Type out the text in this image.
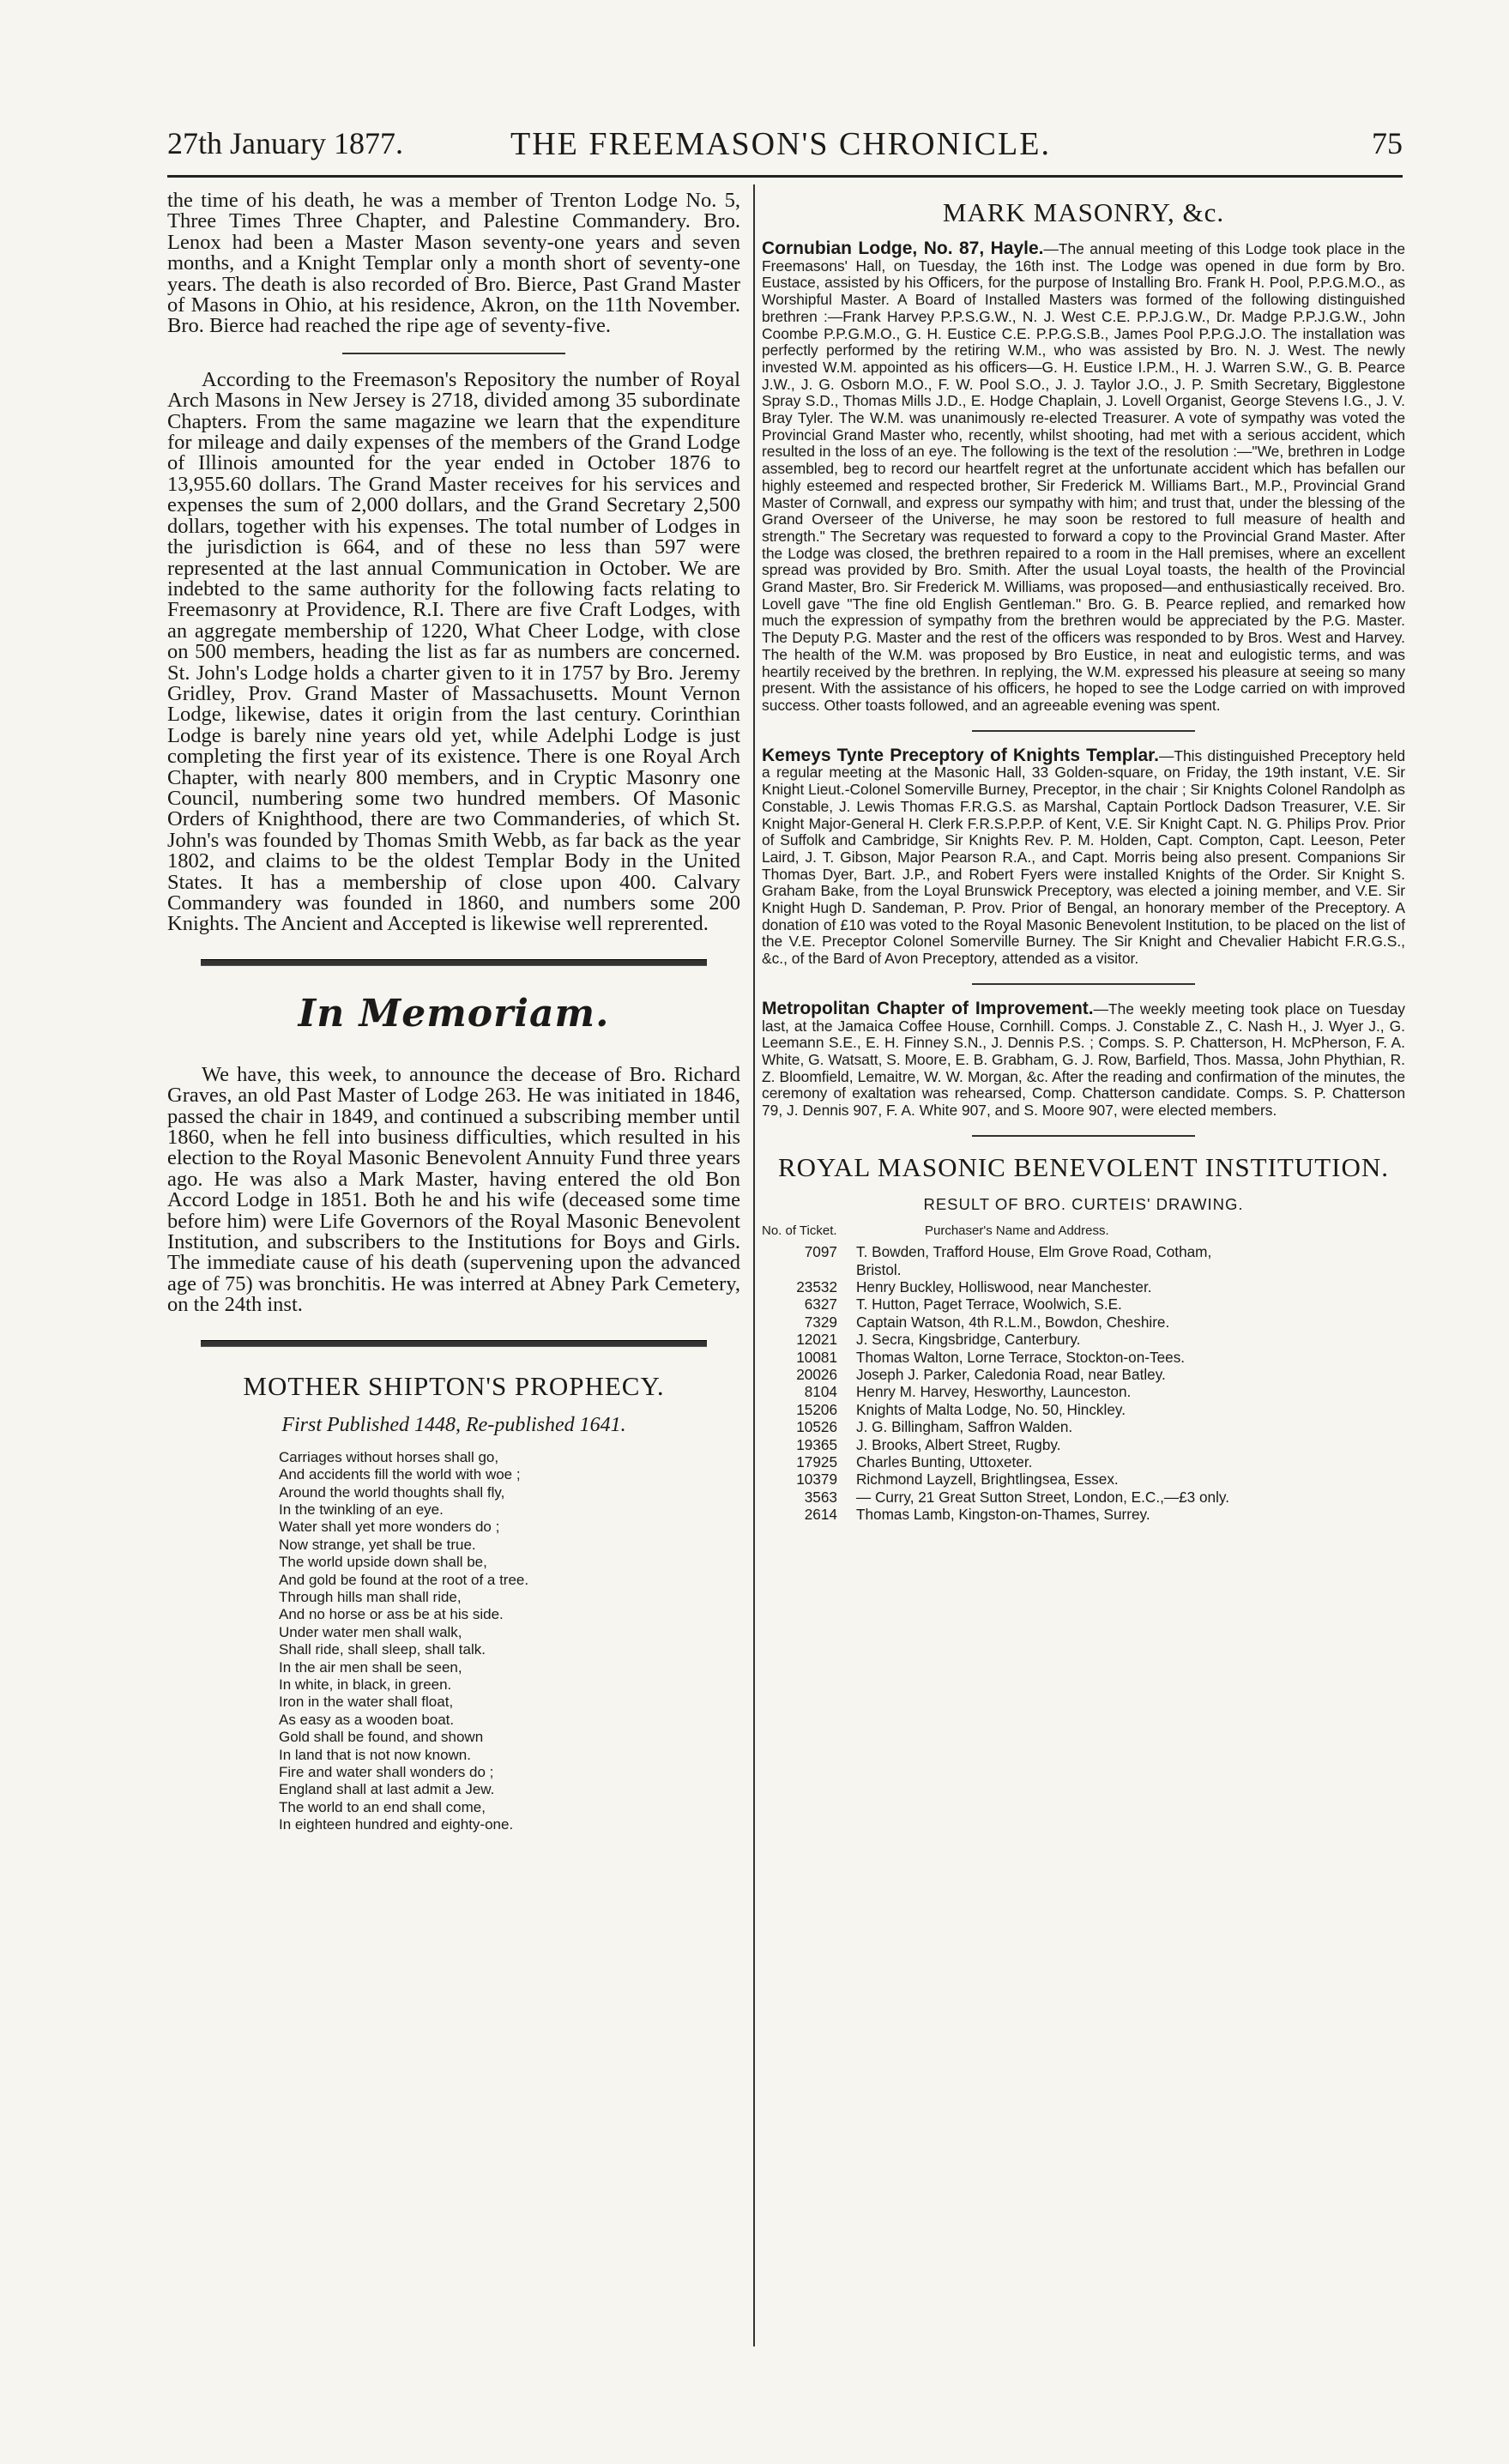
27th January 1877.	THE FREEMASON'S CHRONICLE.	75

the time of his death, he was a member of Trenton Lodge No. 5, Three Times Three Chapter, and Palestine Commandery. Bro. Lenox had been a Master Mason seventy-one years and seven months, and a Knight Templar only a month short of seventy-one years. The death is also recorded of Bro. Bierce, Past Grand Master of Masons in Ohio, at his residence, Akron, on the 11th November. Bro. Bierce had reached the ripe age of seventy-five.

According to the Freemason's Repository the number of Royal Arch Masons in New Jersey is 2718, divided among 35 subordinate Chapters. From the same magazine we learn that the expenditure for mileage and daily expenses of the members of the Grand Lodge of Illinois amounted for the year ended in October 1876 to 13,955.60 dollars. The Grand Master receives for his services and expenses the sum of 2,000 dollars, and the Grand Secretary 2,500 dollars, together with his expenses. The total number of Lodges in the jurisdiction is 664, and of these no less than 597 were represented at the last annual Communication in October. We are indebted to the same authority for the following facts relating to Freemasonry at Providence, R.I. There are five Craft Lodges, with an aggregate membership of 1220, What Cheer Lodge, with close on 500 members, heading the list as far as numbers are concerned. St. John's Lodge holds a charter given to it in 1757 by Bro. Jeremy Gridley, Prov. Grand Master of Massachusetts. Mount Vernon Lodge, likewise, dates it origin from the last century. Corinthian Lodge is barely nine years old yet, while Adelphi Lodge is just completing the first year of its existence. There is one Royal Arch Chapter, with nearly 800 members, and in Cryptic Masonry one Council, numbering some two hundred members. Of Masonic Orders of Knighthood, there are two Commanderies, of which St. John's was founded by Thomas Smith Webb, as far back as the year 1802, and claims to be the oldest Templar Body in the United States. It has a membership of close upon 400. Calvary Commandery was founded in 1860, and numbers some 200 Knights. The Ancient and Accepted is likewise well reprerented.

In Memoriam.

We have, this week, to announce the decease of Bro. Richard Graves, an old Past Master of Lodge 263. He was initiated in 1846, passed the chair in 1849, and continued a subscribing member until 1860, when he fell into business difficulties, which resulted in his election to the Royal Masonic Benevolent Annuity Fund three years ago. He was also a Mark Master, having entered the old Bon Accord Lodge in 1851. Both he and his wife (deceased some time before him) were Life Governors of the Royal Masonic Benevolent Institution, and subscribers to the Institutions for Boys and Girls. The immediate cause of his death (supervening upon the advanced age of 75) was bronchitis. He was interred at Abney Park Cemetery, on the 24th inst.

MOTHER SHIPTON'S PROPHECY.
First Published 1448, Re-published 1641.
Carriages without horses shall go,
And accidents fill the world with woe ;
Around the world thoughts shall fly,
In the twinkling of an eye.
Water shall yet more wonders do ;
Now strange, yet shall be true.
The world upside down shall be,
And gold be found at the root of a tree.
Through hills man shall ride,
And no horse or ass be at his side.
Under water men shall walk,
Shall ride, shall sleep, shall talk.
In the air men shall be seen,
In white, in black, in green.
Iron in the water shall float,
As easy as a wooden boat.
Gold shall be found, and shown
In land that is not now known.
Fire and water shall wonders do ;
England shall at last admit a Jew.
The world to an end shall come,
In eighteen hundred and eighty-one.
MARK MASONRY, &c.

Cornubian Lodge, No. 87, Hayle.—The annual meeting of this Lodge took place in the Freemasons' Hall, on Tuesday, the 16th inst. The Lodge was opened in due form by Bro. Eustace, assisted by his Officers, for the purpose of Installing Bro. Frank H. Pool, P.P.G.M.O., as Worshipful Master. A Board of Installed Masters was formed of the following distinguished brethren :—Frank Harvey P.P.S.G.W., N. J. West C.E. P.P.J.G.W., Dr. Madge P.P.J.G.W., John Coombe P.P.G.M.O., G. H. Eustice C.E. P.P.G.S.B., James Pool P.P.G.J.O. The installation was perfectly performed by the retiring W.M., who was assisted by Bro. N. J. West. The newly invested W.M. appointed as his officers—G. H. Eustice I.P.M., H. J. Warren S.W., G. B. Pearce J.W., J. G. Osborn M.O., F. W. Pool S.O., J. J. Taylor J.O., J. P. Smith Secretary, Bigglestone Spray S.D., Thomas Mills J.D., E. Hodge Chaplain, J. Lovell Organist, George Stevens I.G., J. V. Bray Tyler. The W.M. was unanimously re-elected Treasurer. A vote of sympathy was voted the Provincial Grand Master who, recently, whilst shooting, had met with a serious accident, which resulted in the loss of an eye. The following is the text of the resolution :—"We, brethren in Lodge assembled, beg to record our heartfelt regret at the unfortunate accident which has befallen our highly esteemed and respected brother, Sir Frederick M. Williams Bart., M.P., Provincial Grand Master of Cornwall, and express our sympathy with him; and trust that, under the blessing of the Grand Overseer of the Universe, he may soon be restored to full measure of health and strength." The Secretary was requested to forward a copy to the Provincial Grand Master. After the Lodge was closed, the brethren repaired to a room in the Hall premises, where an excellent spread was provided by Bro. Smith. After the usual Loyal toasts, the health of the Provincial Grand Master, Bro. Sir Frederick M. Williams, was proposed—and enthusiastically received. Bro. Lovell gave "The fine old English Gentleman." Bro. G. B. Pearce replied, and remarked how much the expression of sympathy from the brethren would be appreciated by the P.G. Master. The Deputy P.G. Master and the rest of the officers was responded to by Bros. West and Harvey. The health of the W.M. was proposed by Bro Eustice, in neat and eulogistic terms, and was heartily received by the brethren. In replying, the W.M. expressed his pleasure at seeing so many present. With the assistance of his officers, he hoped to see the Lodge carried on with improved success. Other toasts followed, and an agreeable evening was spent.

Kemeys Tynte Preceptory of Knights Templar.—This distinguished Preceptory held a regular meeting at the Masonic Hall, 33 Golden-square, on Friday, the 19th instant, V.E. Sir Knight Lieut.-Colonel Somerville Burney, Preceptor, in the chair ; Sir Knights Colonel Randolph as Constable, J. Lewis Thomas F.R.G.S. as Marshal, Captain Portlock Dadson Treasurer, V.E. Sir Knight Major-General H. Clerk F.R.S.P.P.P. of Kent, V.E. Sir Knight Capt. N. G. Philips Prov. Prior of Suffolk and Cambridge, Sir Knights Rev. P. M. Holden, Capt. Compton, Capt. Leeson, Peter Laird, J. T. Gibson, Major Pearson R.A., and Capt. Morris being also present. Companions Sir Thomas Dyer, Bart. J.P., and Robert Fyers were installed Knights of the Order. Sir Knight S. Graham Bake, from the Loyal Brunswick Preceptory, was elected a joining member, and V.E. Sir Knight Hugh D. Sandeman, P. Prov. Prior of Bengal, an honorary member of the Preceptory. A donation of £10 was voted to the Royal Masonic Benevolent Institution, to be placed on the list of the V.E. Preceptor Colonel Somerville Burney. The Sir Knight and Chevalier Habicht F.R.G.S., &c., of the Bard of Avon Preceptory, attended as a visitor.

Metropolitan Chapter of Improvement.—The weekly meeting took place on Tuesday last, at the Jamaica Coffee House, Cornhill. Comps. J. Constable Z., C. Nash H., J. Wyer J., G. Leemann S.E., E. H. Finney S.N., J. Dennis P.S. ; Comps. S. P. Chatterson, H. McPherson, F. A. White, G. Watsatt, S. Moore, E. B. Grabham, G. J. Row, Barfield, Thos. Massa, John Phythian, R. Z. Bloomfield, Lemaitre, W. W. Morgan, &c. After the reading and confirmation of the minutes, the ceremony of exaltation was rehearsed, Comp. Chatterson candidate. Comps. S. P. Chatterson 79, J. Dennis 907, F. A. White 907, and S. Moore 907, were elected members.

ROYAL MASONIC BENEVOLENT INSTITUTION.
RESULT OF BRO. CURTEIS' DRAWING.
No. of Ticket.	Purchaser's Name and Address.
7097	T. Bowden, Trafford House, Elm Grove Road, Cotham,
Bristol.
23532	Henry Buckley, Holliswood, near Manchester.
6327	T. Hutton, Paget Terrace, Woolwich, S.E.
7329	Captain Watson, 4th R.L.M., Bowdon, Cheshire.
12021	J. Secra, Kingsbridge, Canterbury.
10081	Thomas Walton, Lorne Terrace, Stockton-on-Tees.
20026	Joseph J. Parker, Caledonia Road, near Batley.
8104	Henry M. Harvey, Hesworthy, Launceston.
15206	Knights of Malta Lodge, No. 50, Hinckley.
10526	J. G. Billingham, Saffron Walden.
19365	J. Brooks, Albert Street, Rugby.
17925	Charles Bunting, Uttoxeter.
10379	Richmond Layzell, Brightlingsea, Essex.
3563	— Curry, 21 Great Sutton Street, London, E.C.,—£3 only.
2614	Thomas Lamb, Kingston-on-Thames, Surrey.
